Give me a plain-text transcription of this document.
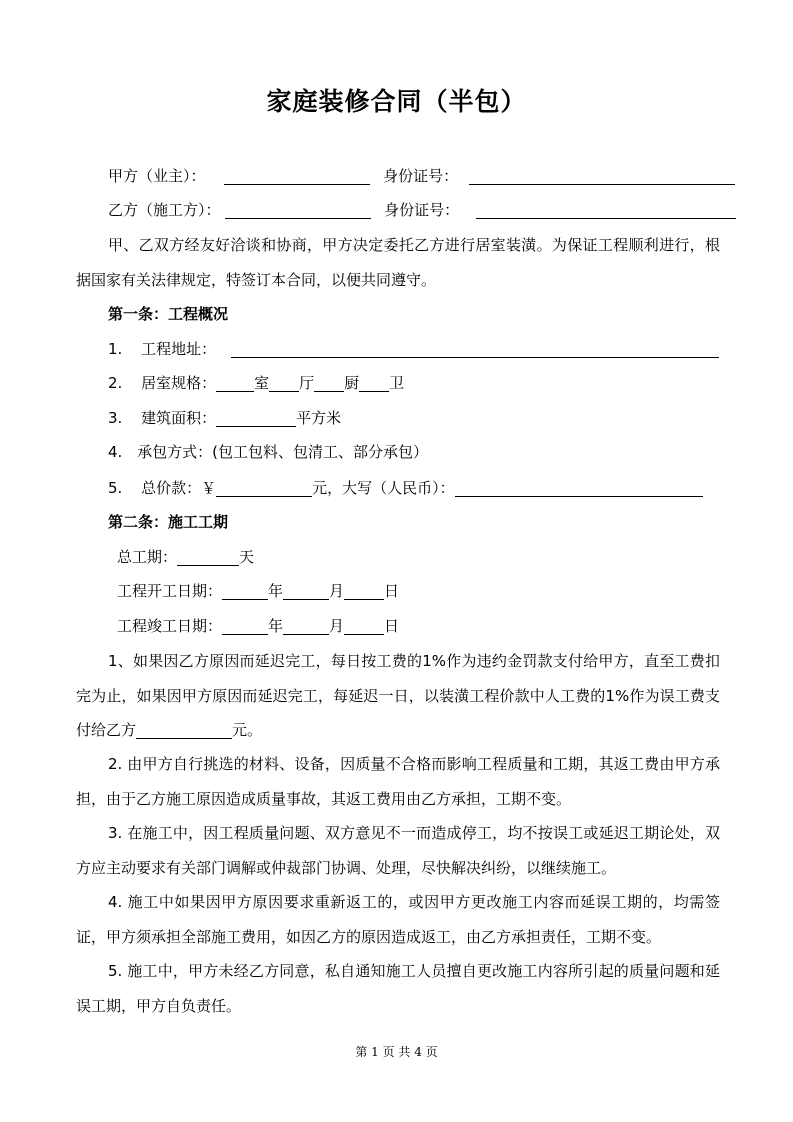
家庭装修合同（半包）
甲方（业主）：	身份证号：
乙方（施工方）：	身份证号：

甲、乙双方经友好洽谈和协商，甲方决定委托乙方进行居室装潢。为保证工程顺利进行，根据国家有关法律规定，特签订本合同，以便共同遵守。

第一条：工程概况
1. 工程地址：
2. 居室规格：	室 厅 厨 卫
3. 建筑面积：	平方米
4. 承包方式：(包工包料、包清工、部分承包）
5. 总价款：￥	元，大写（人民币）：
第二条：施工工期
总工期：	天
工程开工日期：	年	月	日
工程竣工日期：	年	月	日

1、如果因乙方原因而延迟完工，每日按工费的1%作为违约金罚款支付给甲方，直至工费扣完为止，如果因甲方原因而延迟完工，每延迟一日，以装潢工程价款中人工费的1%作为误工费支付给乙方	元。

2. 由甲方自行挑选的材料、设备，因质量不合格而影响工程质量和工期，其返工费由甲方承担，由于乙方施工原因造成质量事故，其返工费用由乙方承担，工期不变。

3. 在施工中，因工程质量问题、双方意见不一而造成停工，均不按误工或延迟工期论处，双方应主动要求有关部门调解或仲裁部门协调、处理，尽快解决纠纷，以继续施工。

4. 施工中如果因甲方原因要求重新返工的，或因甲方更改施工内容而延误工期的，均需签证，甲方须承担全部施工费用，如因乙方的原因造成返工，由乙方承担责任，工期不变。

5. 施工中，甲方未经乙方同意，私自通知施工人员擅自更改施工内容所引起的质量问题和延误工期，甲方自负责任。

第 1 页 共 4 页
